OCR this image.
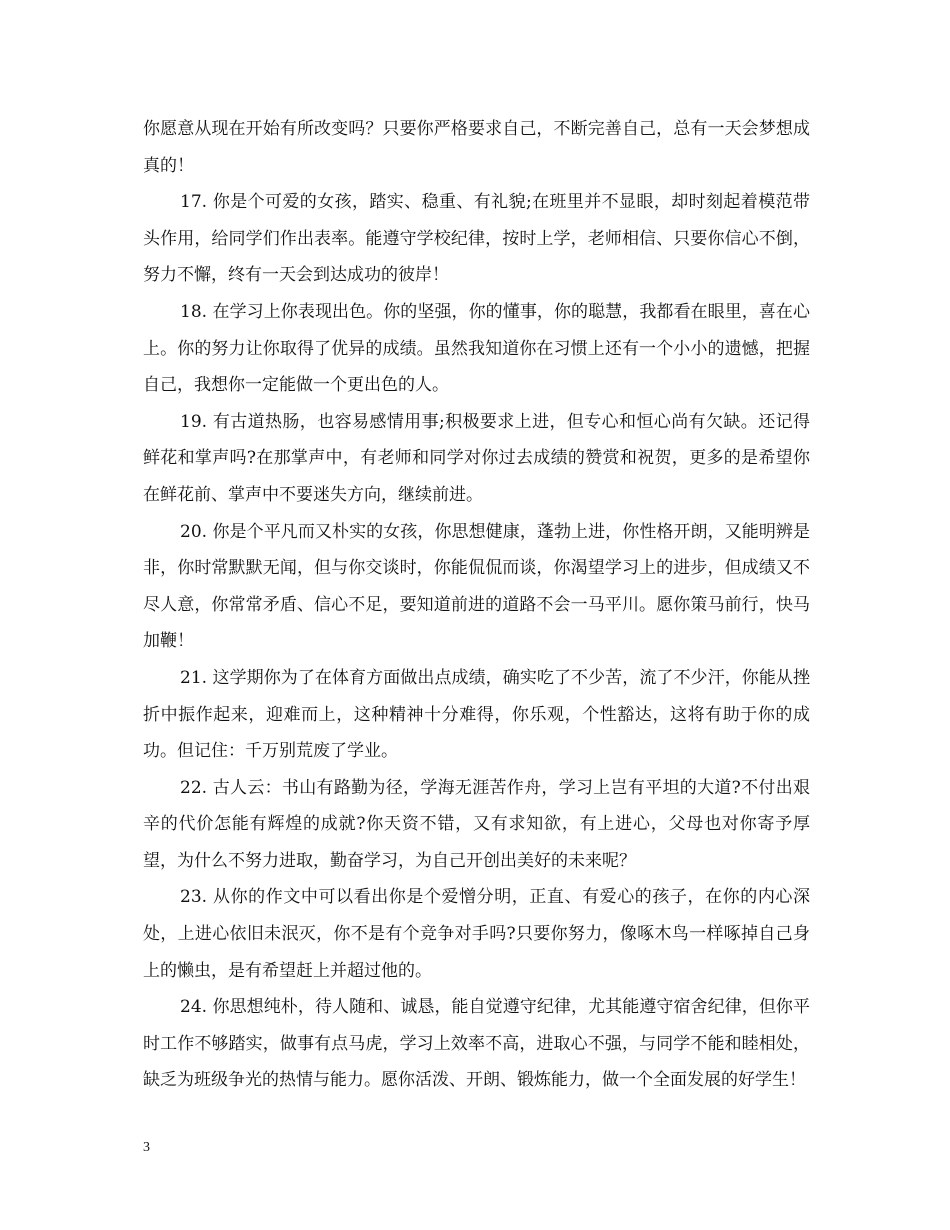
你愿意从现在开始有所改变吗？只要你严格要求自己，不断完善自己，总有一天会梦想成真的！

17. 你是个可爱的女孩，踏实、稳重、有礼貌;在班里并不显眼，却时刻起着模范带头作用，给同学们作出表率。能遵守学校纪律，按时上学，老师相信、只要你信心不倒，努力不懈，终有一天会到达成功的彼岸！

18. 在学习上你表现出色。你的坚强，你的懂事，你的聪慧，我都看在眼里，喜在心上。你的努力让你取得了优异的成绩。虽然我知道你在习惯上还有一个小小的遗憾，把握自己，我想你一定能做一个更出色的人。

19. 有古道热肠，也容易感情用事;积极要求上进，但专心和恒心尚有欠缺。还记得鲜花和掌声吗?在那掌声中，有老师和同学对你过去成绩的赞赏和祝贺，更多的是希望你在鲜花前、掌声中不要迷失方向，继续前进。

20. 你是个平凡而又朴实的女孩，你思想健康，蓬勃上进，你性格开朗，又能明辨是非，你时常默默无闻，但与你交谈时，你能侃侃而谈，你渴望学习上的进步，但成绩又不尽人意，你常常矛盾、信心不足，要知道前进的道路不会一马平川。愿你策马前行，快马加鞭！

21. 这学期你为了在体育方面做出点成绩，确实吃了不少苦，流了不少汗，你能从挫折中振作起来，迎难而上，这种精神十分难得，你乐观，个性豁达，这将有助于你的成功。但记住：千万别荒废了学业。

22. 古人云：书山有路勤为径，学海无涯苦作舟，学习上岂有平坦的大道?不付出艰辛的代价怎能有辉煌的成就?你天资不错，又有求知欲，有上进心，父母也对你寄予厚望，为什么不努力进取，勤奋学习，为自己开创出美好的未来呢？

23. 从你的作文中可以看出你是个爱憎分明，正直、有爱心的孩子，在你的内心深处，上进心依旧未泯灭，你不是有个竞争对手吗?只要你努力，像啄木鸟一样啄掉自己身上的懒虫，是有希望赶上并超过他的。

24. 你思想纯朴，待人随和、诚恳，能自觉遵守纪律，尤其能遵守宿舍纪律，但你平时工作不够踏实，做事有点马虎，学习上效率不高，进取心不强，与同学不能和睦相处，缺乏为班级争光的热情与能力。愿你活泼、开朗、锻炼能力，做一个全面发展的好学生！

3
